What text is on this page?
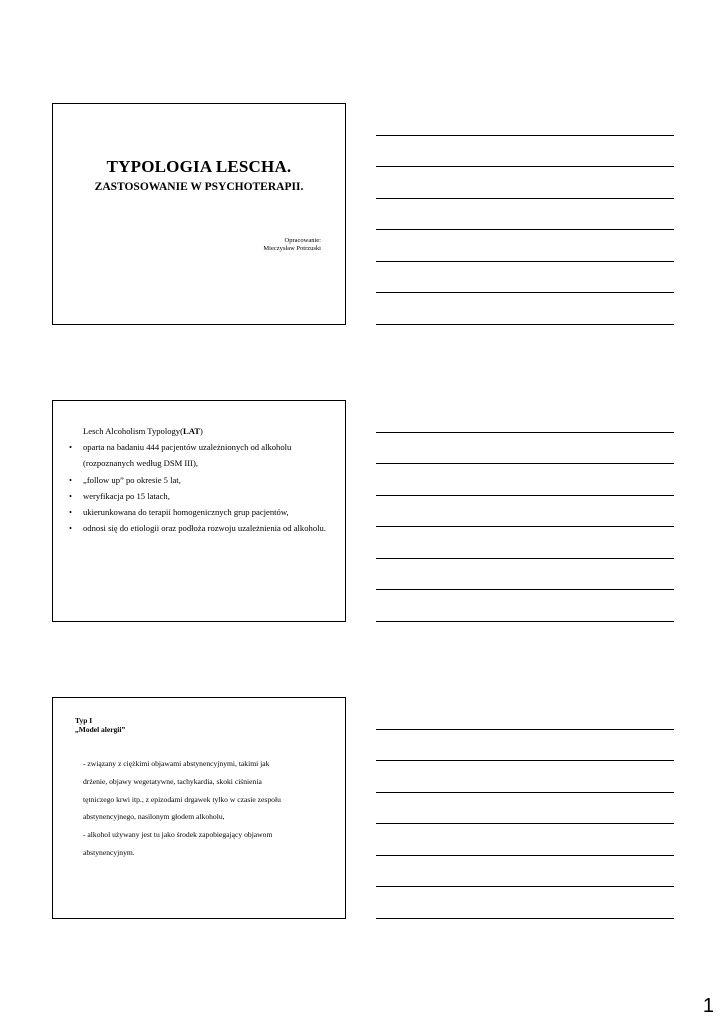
TYPOLOGIA LESCHA.
ZASTOSOWANIE W PSYCHOTERAPII.
Opracowanie:
Mieczysław Potrzuski
Lesch Alcoholism Typology(LAT)
• oparta na badaniu 444 pacjentów uzależnionych od alkoholu (rozpoznanych według DSM III),
• „follow up” po okresie 5 lat,
• weryfikacja po 15 latach,
• ukierunkowana do terapii homogenicznych grup pacjentów,
• odnosi się do etiologii oraz podłoża rozwoju uzależnienia od alkoholu.
Typ I
„Model alergii”
- związany z ciężkimi objawami abstynencyjnymi, takimi jak
drżenie, objawy wegetatywne, tachykardia, skoki ciśnienia
tętniczego krwi itp., z epizodami drgawek tylko w czasie zespołu
abstynencyjnego, nasilonym głodem alkoholu,
- alkohol używany jest tu jako środek zapobiegający objawom
abstynencyjnym.
1
